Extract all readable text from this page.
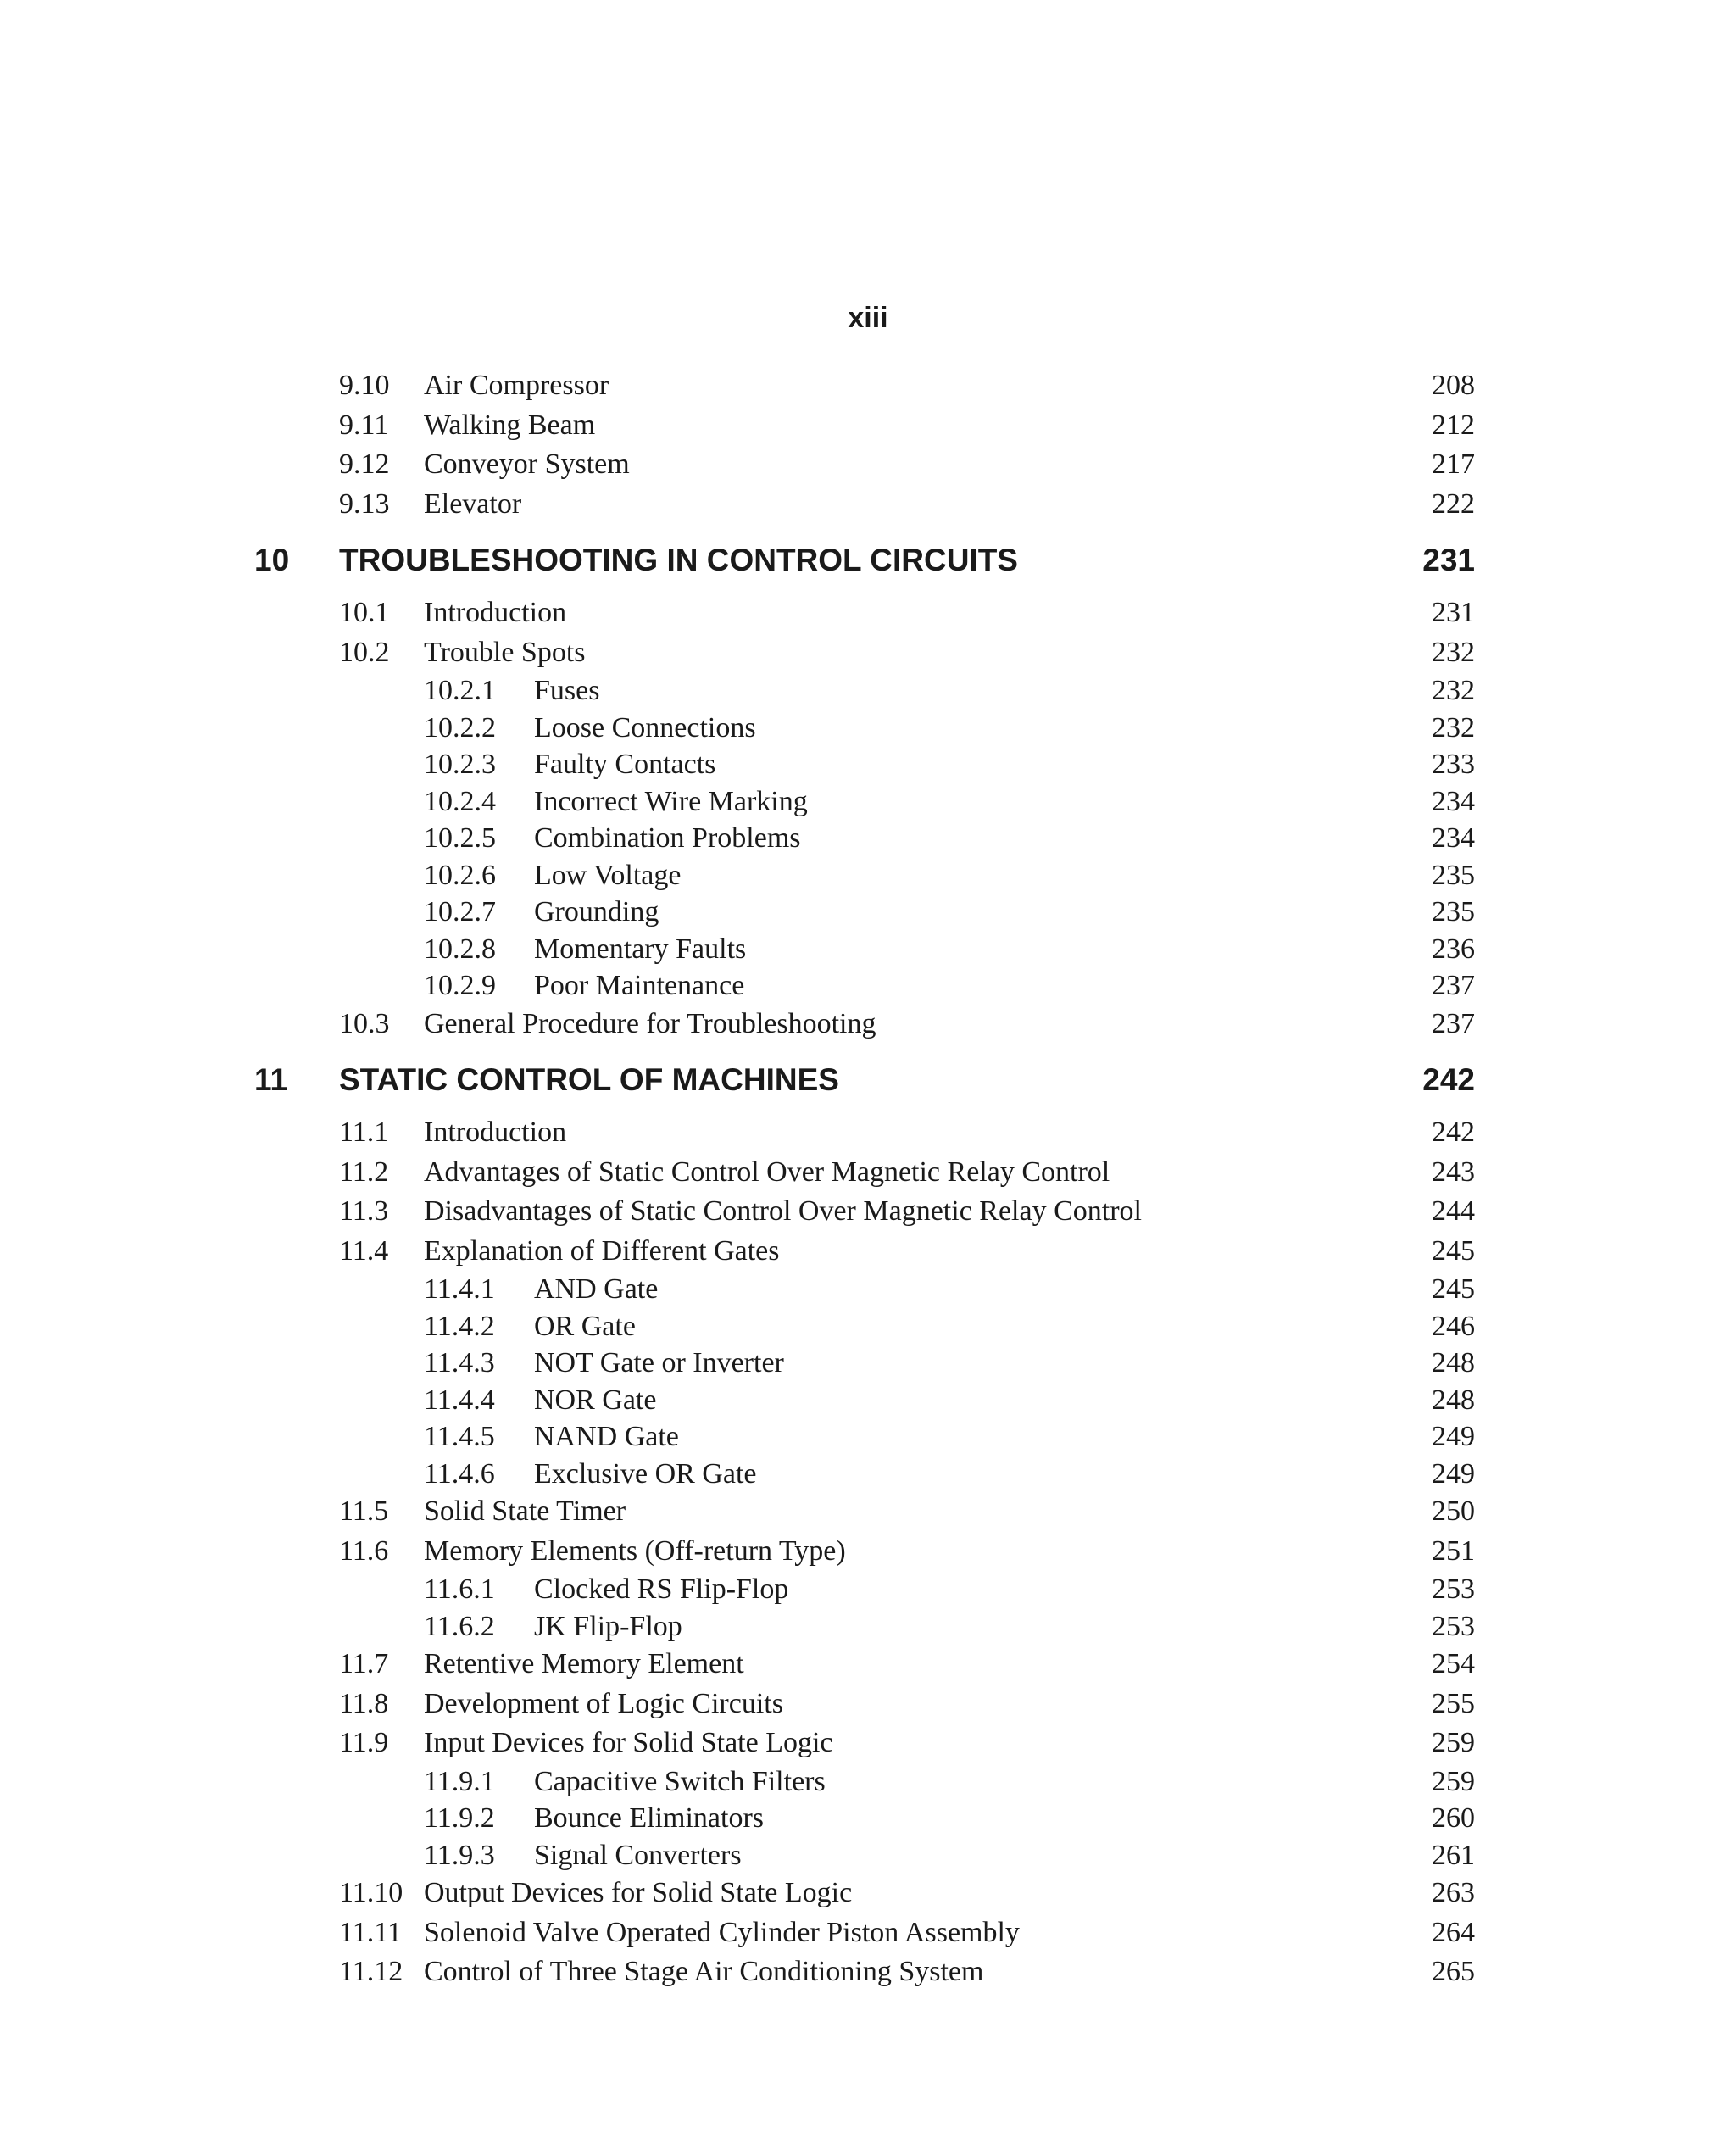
xiii
9.10 Air Compressor	208
9.11 Walking Beam	212
9.12 Conveyor System	217
9.13 Elevator	222
10 TROUBLESHOOTING IN CONTROL CIRCUITS	231
10.1 Introduction	231
10.2 Trouble Spots	232
10.2.1 Fuses	232
10.2.2 Loose Connections	232
10.2.3 Faulty Contacts	233
10.2.4 Incorrect Wire Marking	234
10.2.5 Combination Problems	234
10.2.6 Low Voltage	235
10.2.7 Grounding	235
10.2.8 Momentary Faults	236
10.2.9 Poor Maintenance	237
10.3 General Procedure for Troubleshooting	237
11 STATIC CONTROL OF MACHINES	242
11.1 Introduction	242
11.2 Advantages of Static Control Over Magnetic Relay Control	243
11.3 Disadvantages of Static Control Over Magnetic Relay Control	244
11.4 Explanation of Different Gates	245
11.4.1 AND Gate	245
11.4.2 OR Gate	246
11.4.3 NOT Gate or Inverter	248
11.4.4 NOR Gate	248
11.4.5 NAND Gate	249
11.4.6 Exclusive OR Gate	249
11.5 Solid State Timer	250
11.6 Memory Elements (Off-return Type)	251
11.6.1 Clocked RS Flip-Flop	253
11.6.2 JK Flip-Flop	253
11.7 Retentive Memory Element	254
11.8 Development of Logic Circuits	255
11.9 Input Devices for Solid State Logic	259
11.9.1 Capacitive Switch Filters	259
11.9.2 Bounce Eliminators	260
11.9.3 Signal Converters	261
11.10 Output Devices for Solid State Logic	263
11.11 Solenoid Valve Operated Cylinder Piston Assembly	264
11.12 Control of Three Stage Air Conditioning System	265
